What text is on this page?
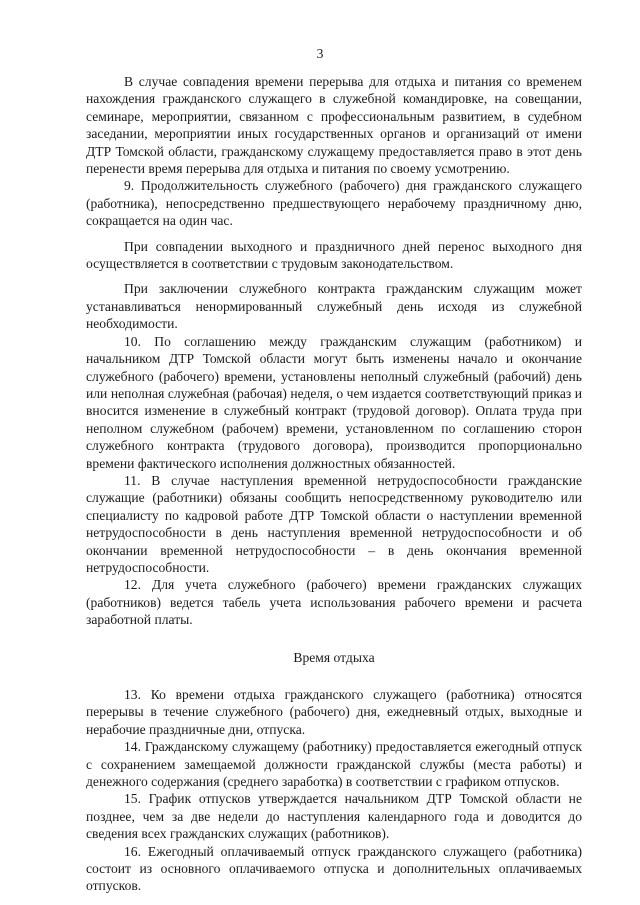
3

В случае совпадения времени перерыва для отдыха и питания со временем нахождения гражданского служащего в служебной командировке, на совещании, семинаре, мероприятии, связанном с профессиональным развитием, в судебном заседании, мероприятии иных государственных органов и организаций от имени ДТР Томской области, гражданскому служащему предоставляется право в этот день перенести время перерыва для отдыха и питания по своему усмотрению.

9. Продолжительность служебного (рабочего) дня гражданского служащего (работника), непосредственно предшествующего нерабочему праздничному дню, сокращается на один час.

При совпадении выходного и праздничного дней перенос выходного дня осуществляется в соответствии с трудовым законодательством.

При заключении служебного контракта гражданским служащим может устанавливаться ненормированный служебный день исходя из служебной необходимости.

10. По соглашению между гражданским служащим (работником) и начальником ДТР Томской области могут быть изменены начало и окончание служебного (рабочего) времени, установлены неполный служебный (рабочий) день или неполная служебная (рабочая) неделя, о чем издается соответствующий приказ и вносится изменение в служебный контракт (трудовой договор). Оплата труда при неполном служебном (рабочем) времени, установленном по соглашению сторон служебного контракта (трудового договора), производится пропорционально времени фактического исполнения должностных обязанностей.

11. В случае наступления временной нетрудоспособности гражданские служащие (работники) обязаны сообщить непосредственному руководителю или специалисту по кадровой работе ДТР Томской области о наступлении временной нетрудоспособности в день наступления временной нетрудоспособности и об окончании временной нетрудоспособности – в день окончания временной нетрудоспособности.

12. Для учета служебного (рабочего) времени гражданских служащих (работников) ведется табель учета использования рабочего времени и расчета заработной платы.

Время отдыха

13. Ко времени отдыха гражданского служащего (работника) относятся перерывы в течение служебного (рабочего) дня, ежедневный отдых, выходные и нерабочие праздничные дни, отпуска.

14. Гражданскому служащему (работнику) предоставляется ежегодный отпуск с сохранением замещаемой должности гражданской службы (места работы) и денежного содержания (среднего заработка) в соответствии с графиком отпусков.

15. График отпусков утверждается начальником ДТР Томской области не позднее, чем за две недели до наступления календарного года и доводится до сведения всех гражданских служащих (работников).

16. Ежегодный оплачиваемый отпуск гражданского служащего (работника) состоит из основного оплачиваемого отпуска и дополнительных оплачиваемых отпусков.
